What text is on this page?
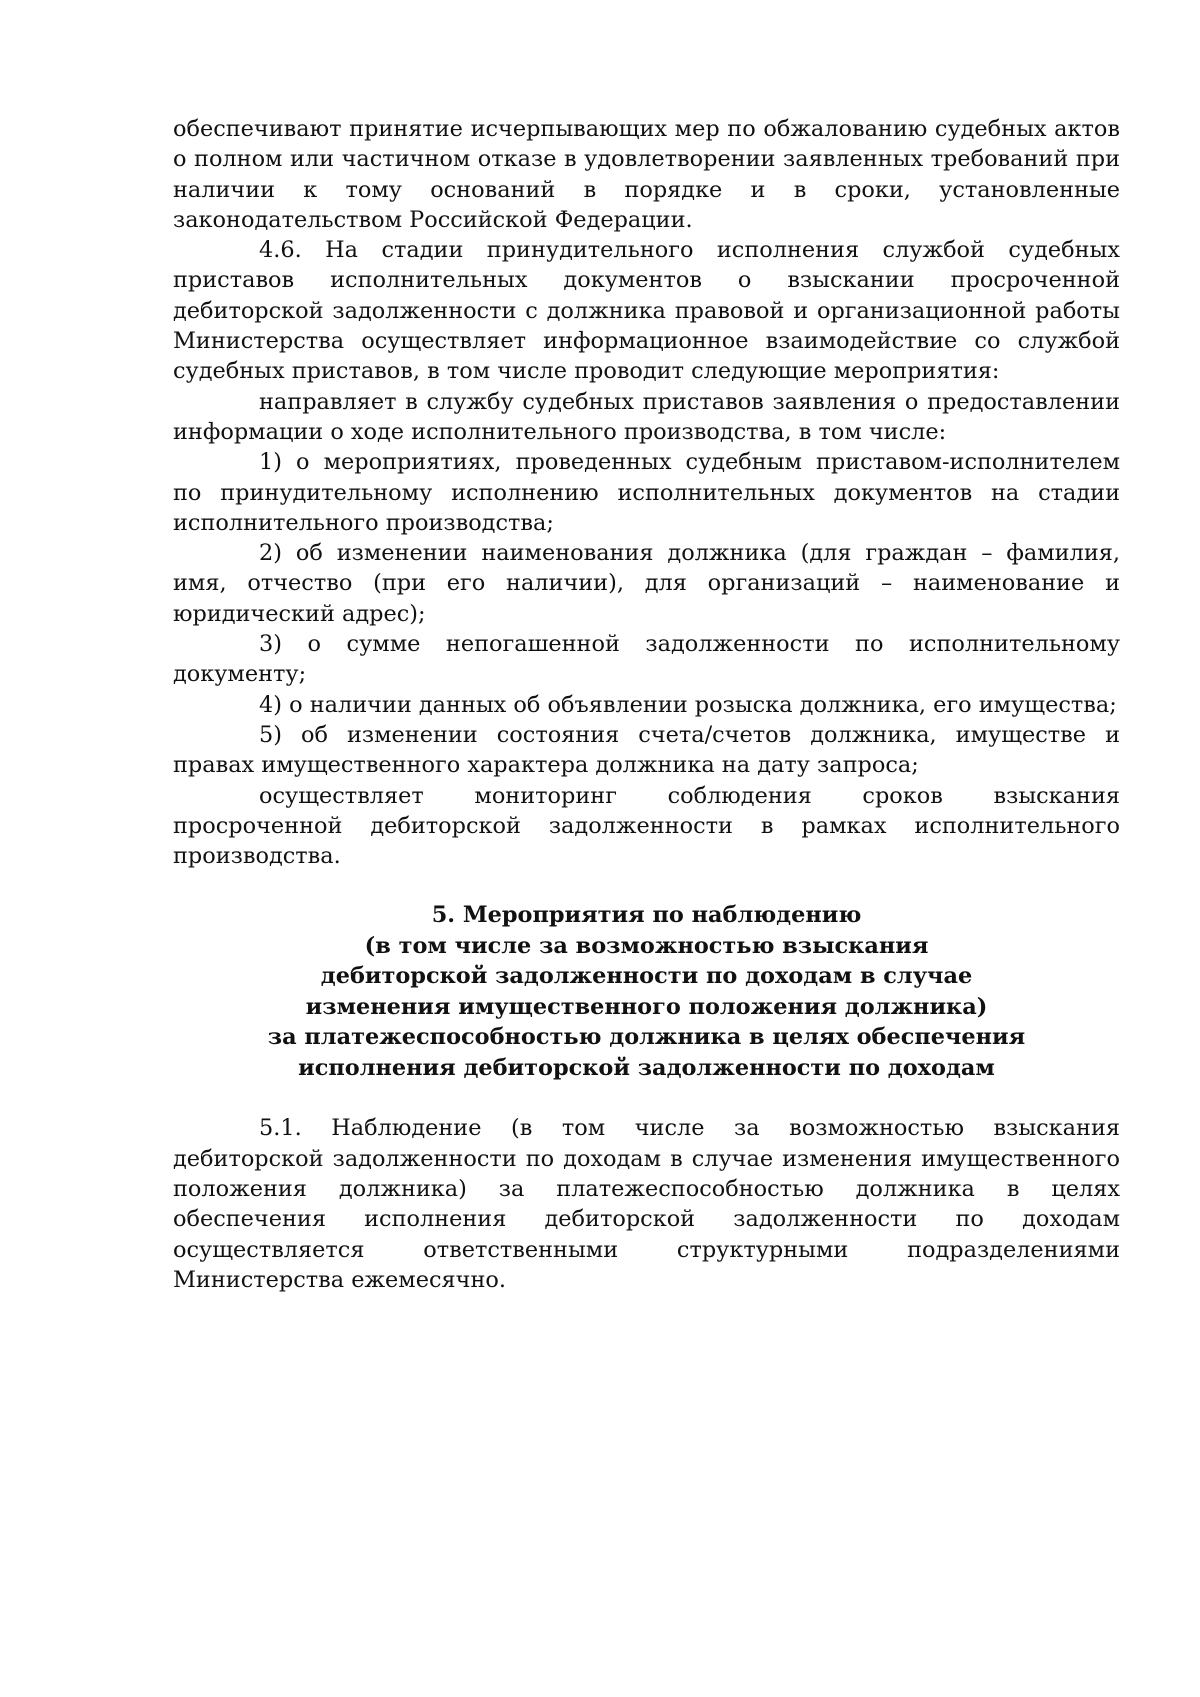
обеспечивают принятие исчерпывающих мер по обжалованию судебных актов о полном или частичном отказе в удовлетворении заявленных требований при наличии к тому оснований в порядке и в сроки, установленные законодательством Российской Федерации.

4.6. На стадии принудительного исполнения службой судебных приставов исполнительных документов о взыскании просроченной дебиторской задолженности с должника правовой и организационной работы Министерства осуществляет информационное взаимодействие со службой судебных приставов, в том числе проводит следующие мероприятия:

направляет в службу судебных приставов заявления о предоставлении информации о ходе исполнительного производства, в том числе:

1) о мероприятиях, проведенных судебным приставом-исполнителем по принудительному исполнению исполнительных документов на стадии исполнительного производства;

2) об изменении наименования должника (для граждан – фамилия, имя, отчество (при его наличии), для организаций – наименование и юридический адрес);

3) о сумме непогашенной задолженности по исполнительному документу;

4) о наличии данных об объявлении розыска должника, его имущества;

5) об изменении состояния счета/счетов должника, имуществе и правах имущественного характера должника на дату запроса;

осуществляет мониторинг соблюдения сроков взыскания просроченной дебиторской задолженности в рамках исполнительного производства.

5. Мероприятия по наблюдению
(в том числе за возможностью взыскания
дебиторской задолженности по доходам в случае
изменения имущественного положения должника)
за платежеспособностью должника в целях обеспечения
исполнения дебиторской задолженности по доходам

5.1. Наблюдение (в том числе за возможностью взыскания дебиторской задолженности по доходам в случае изменения имущественного положения должника) за платежеспособностью должника в целях обеспечения исполнения дебиторской задолженности по доходам осуществляется ответственными структурными подразделениями Министерства ежемесячно.
